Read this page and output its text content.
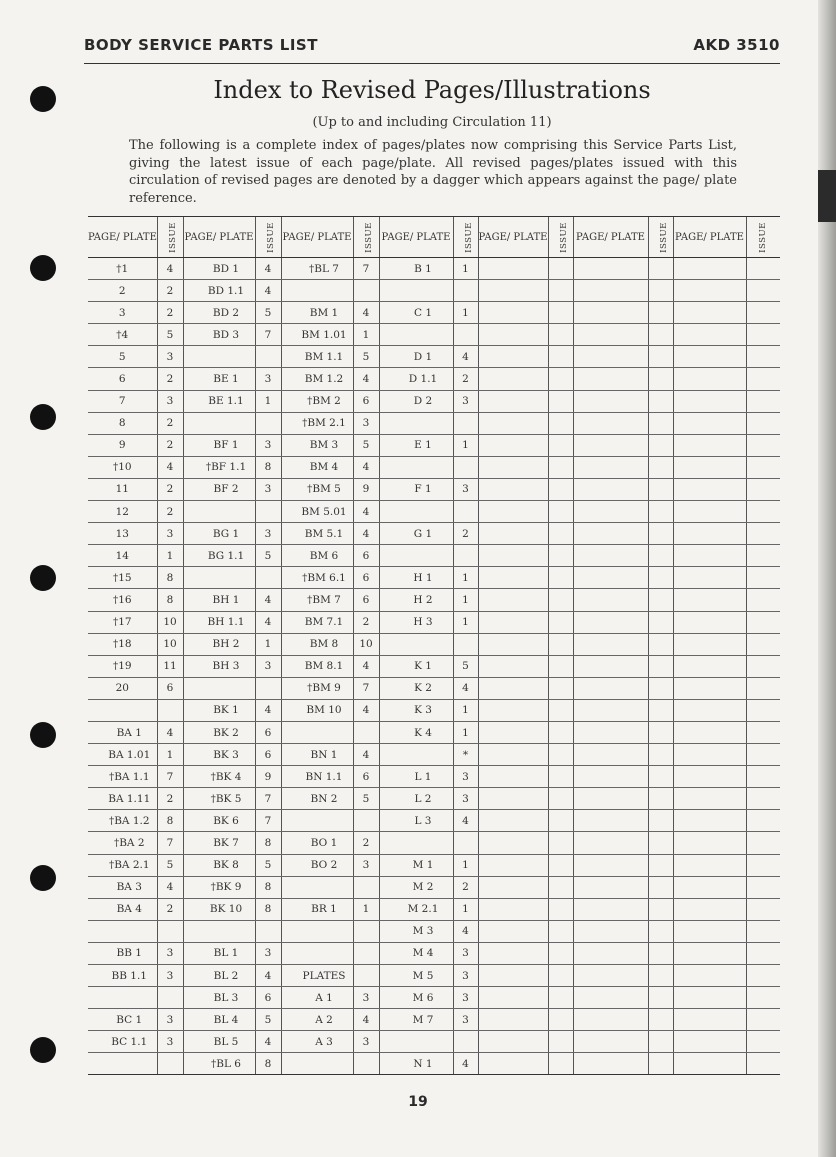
BODY SERVICE PARTS LIST	AKD 3510
Index to Revised Pages/Illustrations
(Up to and including Circulation 11)

The following is a complete index of pages/plates now comprising this Service Parts List, giving the latest issue of each page/plate. All revised pages/plates issued with this circulation of revised pages are denoted by a dagger which appears against the page/ plate reference.

PAGE/ PLATE	ISSUE	PAGE/ PLATE	ISSUE	PAGE/ PLATE	ISSUE	PAGE/ PLATE	ISSUE	PAGE/ PLATE	ISSUE	PAGE/ PLATE	ISSUE	PAGE/ PLATE	ISSUE
†1	4	BD 1	4	†BL 7	7	B 1	1						
2	2	BD 1.1	4										
3	2	BD 2	5	BM 1	4	C 1	1						
†4	5	BD 3	7	BM 1.01	1								
5	3			BM 1.1	5	D 1	4						
6	2	BE 1	3	BM 1.2	4	D 1.1	2						
7	3	BE 1.1	1	†BM 2	6	D 2	3						
8	2			†BM 2.1	3								
9	2	BF 1	3	BM 3	5	E 1	1						
†10	4	†BF 1.1	8	BM 4	4								
11	2	BF 2	3	†BM 5	9	F 1	3						
12	2			BM 5.01	4								
13	3	BG 1	3	BM 5.1	4	G 1	2						
14	1	BG 1.1	5	BM 6	6								
†15	8			†BM 6.1	6	H 1	1						
†16	8	BH 1	4	†BM 7	6	H 2	1						
†17	10	BH 1.1	4	BM 7.1	2	H 3	1						
†18	10	BH 2	1	BM 8	10								
†19	11	BH 3	3	BM 8.1	4	K 1	5						
20	6			†BM 9	7	K 2	4						
		BK 1	4	BM 10	4	K 3	1						
BA 1	4	BK 2	6			K 4	1						
BA 1.01	1	BK 3	6	BN 1	4		*						
†BA 1.1	7	†BK 4	9	BN 1.1	6	L 1	3						
BA 1.11	2	†BK 5	7	BN 2	5	L 2	3						
†BA 1.2	8	BK 6	7			L 3	4						
†BA 2	7	BK 7	8	BO 1	2								
†BA 2.1	5	BK 8	5	BO 2	3	M 1	1						
BA 3	4	†BK 9	8			M 2	2						
BA 4	2	BK 10	8	BR 1	1	M 2.1	1						
						M 3	4						
BB 1	3	BL 1	3			M 4	3						
BB 1.1	3	BL 2	4	PLATES		M 5	3						
		BL 3	6	A 1	3	M 6	3						
BC 1	3	BL 4	5	A 2	4	M 7	3						
BC 1.1	3	BL 5	4	A 3	3								
		†BL 6	8			N 1	4						
19
